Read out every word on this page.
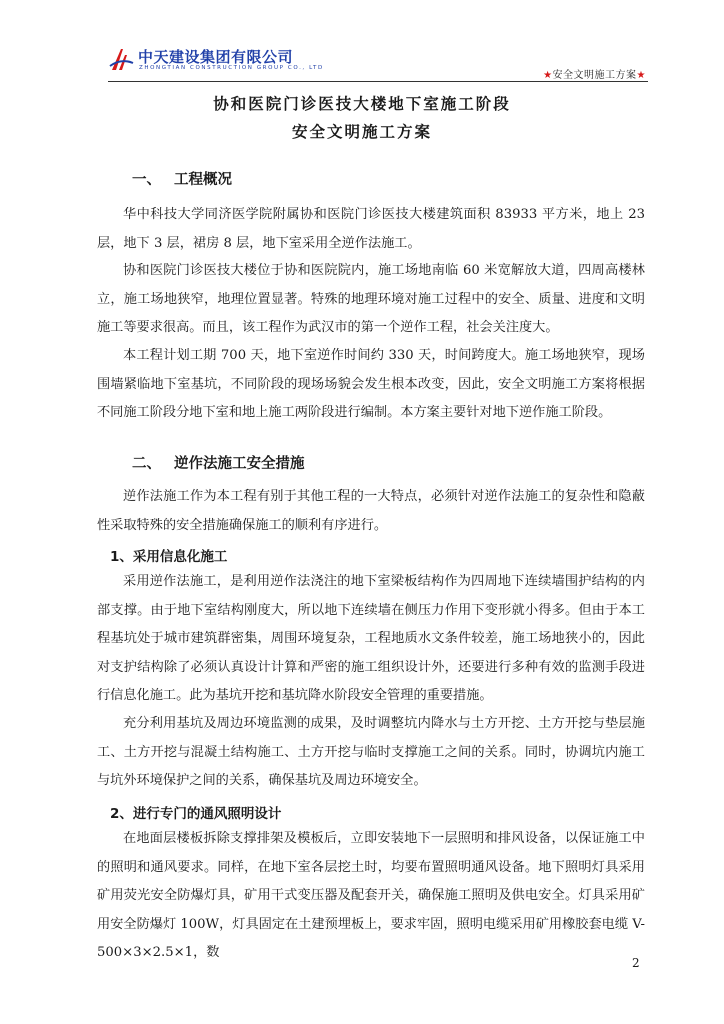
中天建设集团有限公司
ZHONGTIAN CONSTRUCTION GROUP CO., LTD
★安全文明施工方案★
协和医院门诊医技大楼地下室施工阶段
安全文明施工方案
一、 工程概况

华中科技大学同济医学院附属协和医院门诊医技大楼建筑面积 83933 平方米，地上 23 层，地下 3 层，裙房 8 层，地下室采用全逆作法施工。

协和医院门诊医技大楼位于协和医院院内，施工场地南临 60 米宽解放大道，四周高楼林立，施工场地狭窄，地理位置显著。特殊的地理环境对施工过程中的安全、质量、进度和文明施工等要求很高。而且，该工程作为武汉市的第一个逆作工程，社会关注度大。

本工程计划工期 700 天，地下室逆作时间约 330 天，时间跨度大。施工场地狭窄，现场围墙紧临地下室基坑，不同阶段的现场场貌会发生根本改变，因此，安全文明施工方案将根据不同施工阶段分地下室和地上施工两阶段进行编制。本方案主要针对地下逆作施工阶段。

二、 逆作法施工安全措施

逆作法施工作为本工程有别于其他工程的一大特点，必须针对逆作法施工的复杂性和隐蔽性采取特殊的安全措施确保施工的顺利有序进行。

1、采用信息化施工

采用逆作法施工，是利用逆作法浇注的地下室梁板结构作为四周地下连续墙围护结构的内部支撑。由于地下室结构刚度大，所以地下连续墙在侧压力作用下变形就小得多。但由于本工程基坑处于城市建筑群密集，周围环境复杂，工程地质水文条件较差，施工场地狭小的，因此对支护结构除了必须认真设计计算和严密的施工组织设计外，还要进行多种有效的监测手段进行信息化施工。此为基坑开挖和基坑降水阶段安全管理的重要措施。

充分利用基坑及周边环境监测的成果，及时调整坑内降水与土方开挖、土方开挖与垫层施工、土方开挖与混凝土结构施工、土方开挖与临时支撑施工之间的关系。同时，协调坑内施工与坑外环境保护之间的关系，确保基坑及周边环境安全。

2、进行专门的通风照明设计

在地面层楼板拆除支撑排架及模板后，立即安装地下一层照明和排风设备，以保证施工中的照明和通风要求。同样，在地下室各层挖土时，均要布置照明通风设备。地下照明灯具采用矿用荧光安全防爆灯具，矿用干式变压器及配套开关，确保施工照明及供电安全。灯具采用矿用安全防爆灯 100W，灯具固定在土建预埋板上，要求牢固，照明电缆采用矿用橡胶套电缆 V-500×3×2.5×1，数

2
